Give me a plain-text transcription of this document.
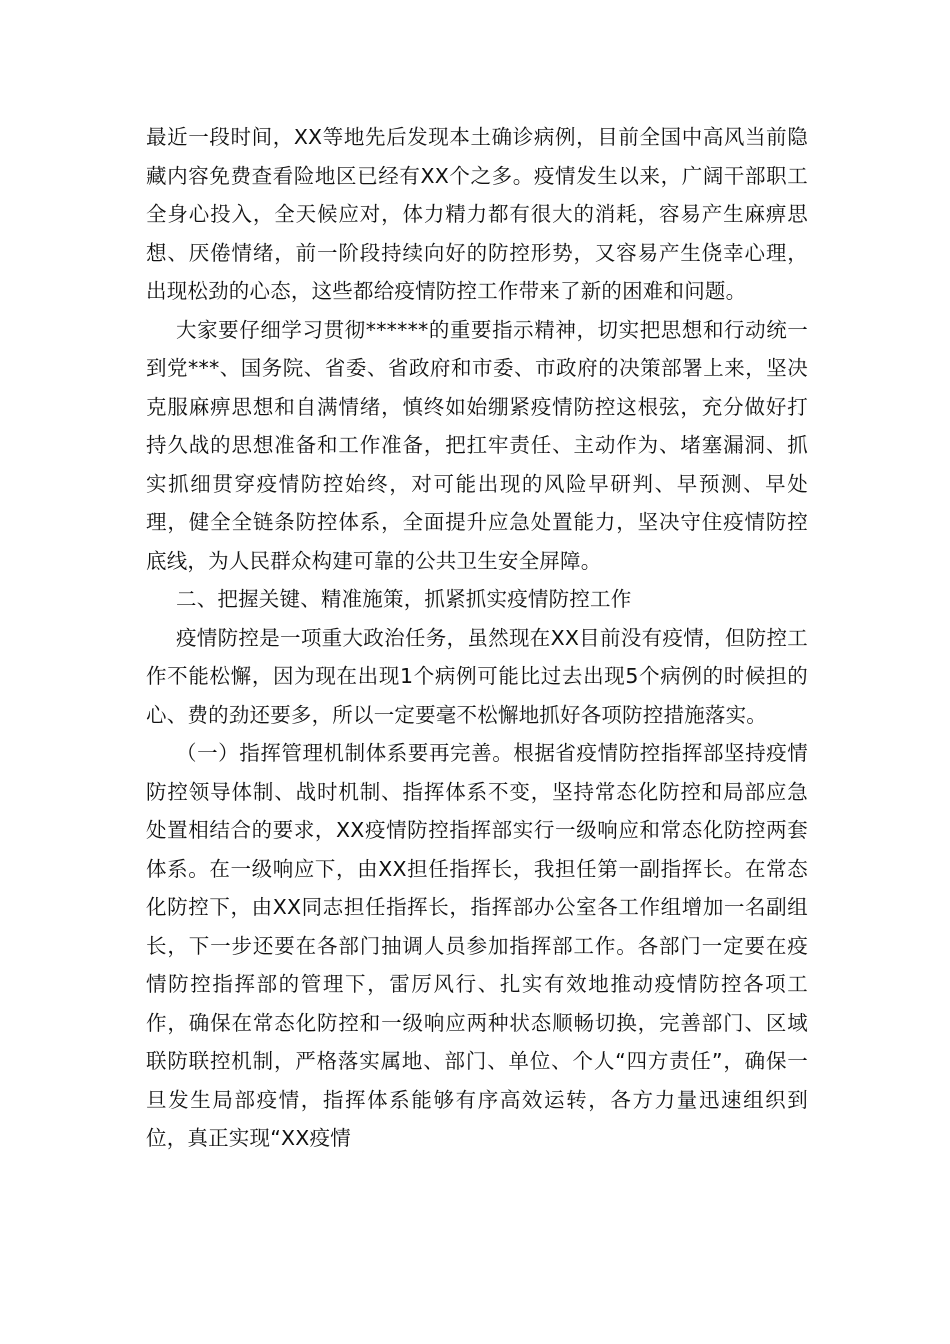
最近一段时间，XX等地先后发现本土确诊病例，目前全国中高风当前隐藏内容免费查看险地区已经有XX个之多。疫情发生以来，广阔干部职工全身心投入，全天候应对，体力精力都有很大的消耗，容易产生麻痹思想、厌倦情绪，前一阶段持续向好的防控形势，又容易产生侥幸心理，出现松劲的心态，这些都给疫情防控工作带来了新的困难和问题。

大家要仔细学习贯彻******的重要指示精神，切实把思想和行动统一到党***、国务院、省委、省政府和市委、市政府的决策部署上来，坚决克服麻痹思想和自满情绪，慎终如始绷紧疫情防控这根弦，充分做好打持久战的思想准备和工作准备，把扛牢责任、主动作为、堵塞漏洞、抓实抓细贯穿疫情防控始终，对可能出现的风险早研判、早预测、早处理，健全全链条防控体系，全面提升应急处置能力，坚决守住疫情防控底线，为人民群众构建可靠的公共卫生安全屏障。

二、把握关键、精准施策，抓紧抓实疫情防控工作

疫情防控是一项重大政治任务，虽然现在XX目前没有疫情，但防控工作不能松懈，因为现在出现1个病例可能比过去出现5个病例的时候担的心、费的劲还要多，所以一定要毫不松懈地抓好各项防控措施落实。

（一）指挥管理机制体系要再完善。根据省疫情防控指挥部坚持疫情防控领导体制、战时机制、指挥体系不变，坚持常态化防控和局部应急处置相结合的要求，XX疫情防控指挥部实行一级响应和常态化防控两套体系。在一级响应下，由XX担任指挥长，我担任第一副指挥长。在常态化防控下，由XX同志担任指挥长，指挥部办公室各工作组增加一名副组长，下一步还要在各部门抽调人员参加指挥部工作。各部门一定要在疫情防控指挥部的管理下，雷厉风行、扎实有效地推动疫情防控各项工作，确保在常态化防控和一级响应两种状态顺畅切换，完善部门、区域联防联控机制，严格落实属地、部门、单位、个人“四方责任”，确保一旦发生局部疫情，指挥体系能够有序高效运转，各方力量迅速组织到位，真正实现“XX疫情
